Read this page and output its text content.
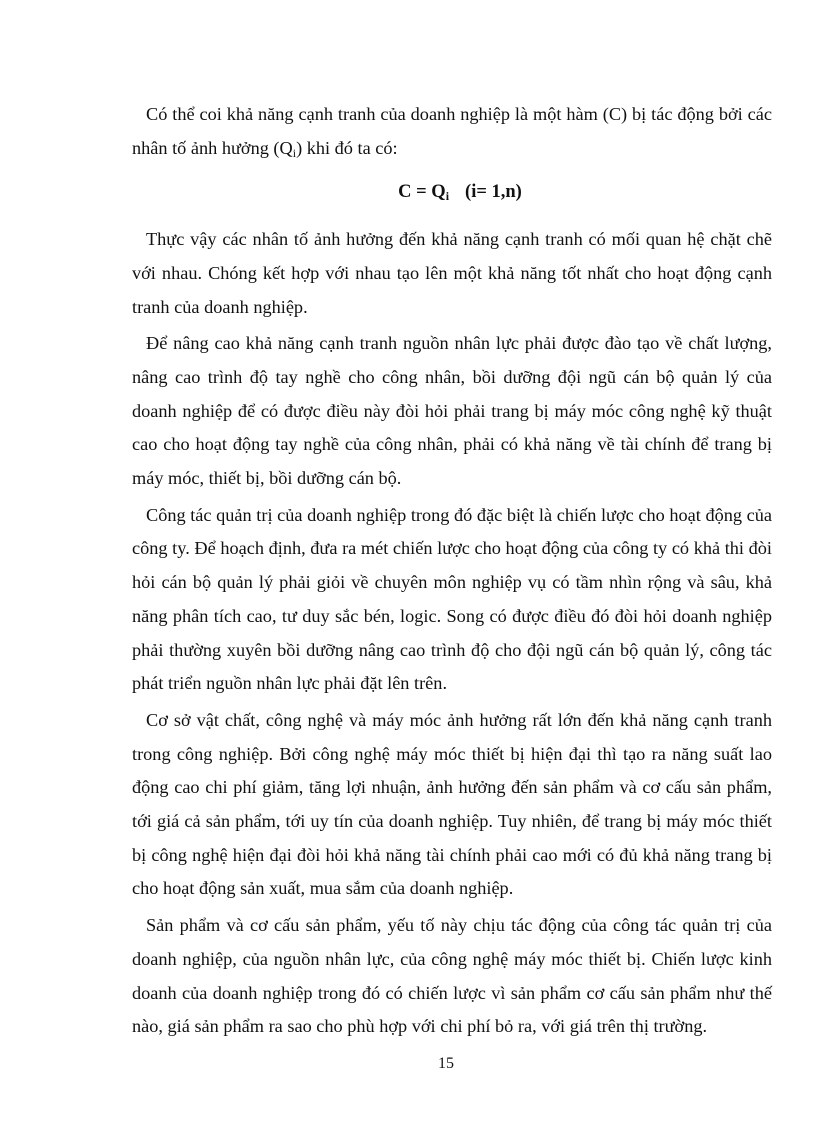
Có thể coi khả năng cạnh tranh của doanh nghiệp là một hàm (C) bị tác động bởi các nhân tố ảnh hưởng $(Q_i)$ khi đó ta có:

$C = Q_i$ (i= 1,n)

Thực vậy các nhân tố ảnh hưởng đến khả năng cạnh tranh có mối quan hệ chặt chẽ với nhau. Chóng kết hợp với nhau tạo lên một khả năng tốt nhất cho hoạt động cạnh tranh của doanh nghiệp.

Để nâng cao khả năng cạnh tranh nguồn nhân lực phải được đào tạo về chất lượng, nâng cao trình độ tay nghề cho công nhân, bồi dưỡng đội ngũ cán bộ quản lý của doanh nghiệp để có được điều này đòi hỏi phải trang bị máy móc công nghệ kỹ thuật cao cho hoạt động tay nghề của công nhân, phải có khả năng về tài chính để trang bị máy móc, thiết bị, bồi dưỡng cán bộ.

Công tác quản trị của doanh nghiệp trong đó đặc biệt là chiến lược cho hoạt động của công ty. Để hoạch định, đưa ra mét chiến lược cho hoạt động của công ty có khả thi đòi hỏi cán bộ quản lý phải giỏi về chuyên môn nghiệp vụ có tầm nhìn rộng và sâu, khả năng phân tích cao, tư duy sắc bén, logic. Song có được điều đó đòi hỏi doanh nghiệp phải thường xuyên bồi dưỡng nâng cao trình độ cho đội ngũ cán bộ quản lý, công tác phát triển nguồn nhân lực phải đặt lên trên.

Cơ sở vật chất, công nghệ và máy móc ảnh hưởng rất lớn đến khả năng cạnh tranh trong công nghiệp. Bởi công nghệ máy móc thiết bị hiện đại thì tạo ra năng suất lao động cao chi phí giảm, tăng lợi nhuận, ảnh hưởng đến sản phẩm và cơ cấu sản phẩm, tới giá cả sản phẩm, tới uy tín của doanh nghiệp. Tuy nhiên, để trang bị máy móc thiết bị công nghệ hiện đại đòi hỏi khả năng tài chính phải cao mới có đủ khả năng trang bị cho hoạt động sản xuất, mua sắm của doanh nghiệp.

Sản phẩm và cơ cấu sản phẩm, yếu tố này chịu tác động của công tác quản trị của doanh nghiệp, của nguồn nhân lực, của công nghệ máy móc thiết bị. Chiến lược kinh doanh của doanh nghiệp trong đó có chiến lược vì sản phẩm cơ cấu sản phẩm như thế nào, giá sản phẩm ra sao cho phù hợp với chi phí bỏ ra, với giá trên thị trường.

15
